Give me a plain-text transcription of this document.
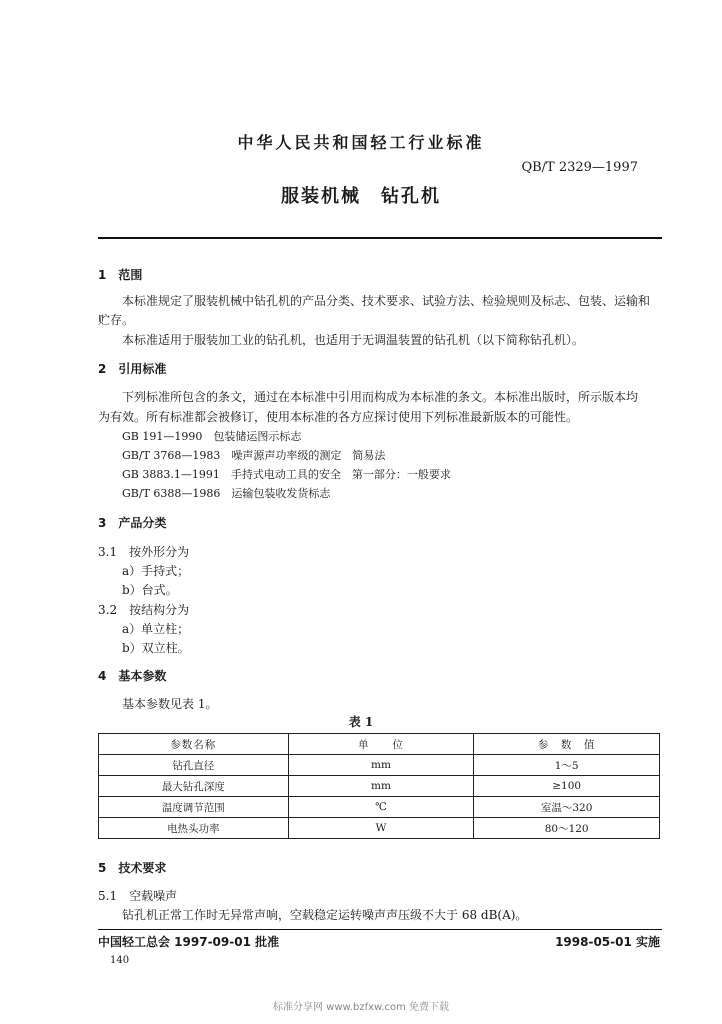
中华人民共和国轻工行业标准
QB/T 2329—1997
服装机械　钻孔机
1　范围
本标准规定了服装机械中钻孔机的产品分类、技术要求、试验方法、检验规则及标志、包装、运输和
贮存。
本标准适用于服装加工业的钻孔机，也适用于无调温装置的钻孔机（以下简称钻孔机）。
2　引用标准
下列标准所包含的条文，通过在本标准中引用而构成为本标准的条文。本标准出版时，所示版本均
为有效。所有标准都会被修订，使用本标准的各方应探讨使用下列标准最新版本的可能性。
GB 191—1990　包装储运图示标志
GB/T 3768—1983　噪声源声功率级的测定　简易法
GB 3883.1—1991　手持式电动工具的安全　第一部分：一般要求
GB/T 6388—1986　运输包装收发货标志
3　产品分类
3.1　按外形分为
a）手持式；
b）台式。
3.2　按结构分为
a）单立柱；
b）双立柱。
4　基本参数
基本参数见表 1。
表 1
参数名称	单　　位	参　数　值
钻孔直径	mm	1～5
最大钻孔深度	mm	≥100
温度调节范围	℃	室温～320
电热头功率	W	80～120
5　技术要求
5.1　空载噪声
钻孔机正常工作时无异常声响，空载稳定运转噪声声压级不大于 68 dB(A)。
中国轻工总会 1997-09-01 批准	1998-05-01 实施
140
标准分享网 www.bzfxw.com 免费下载
